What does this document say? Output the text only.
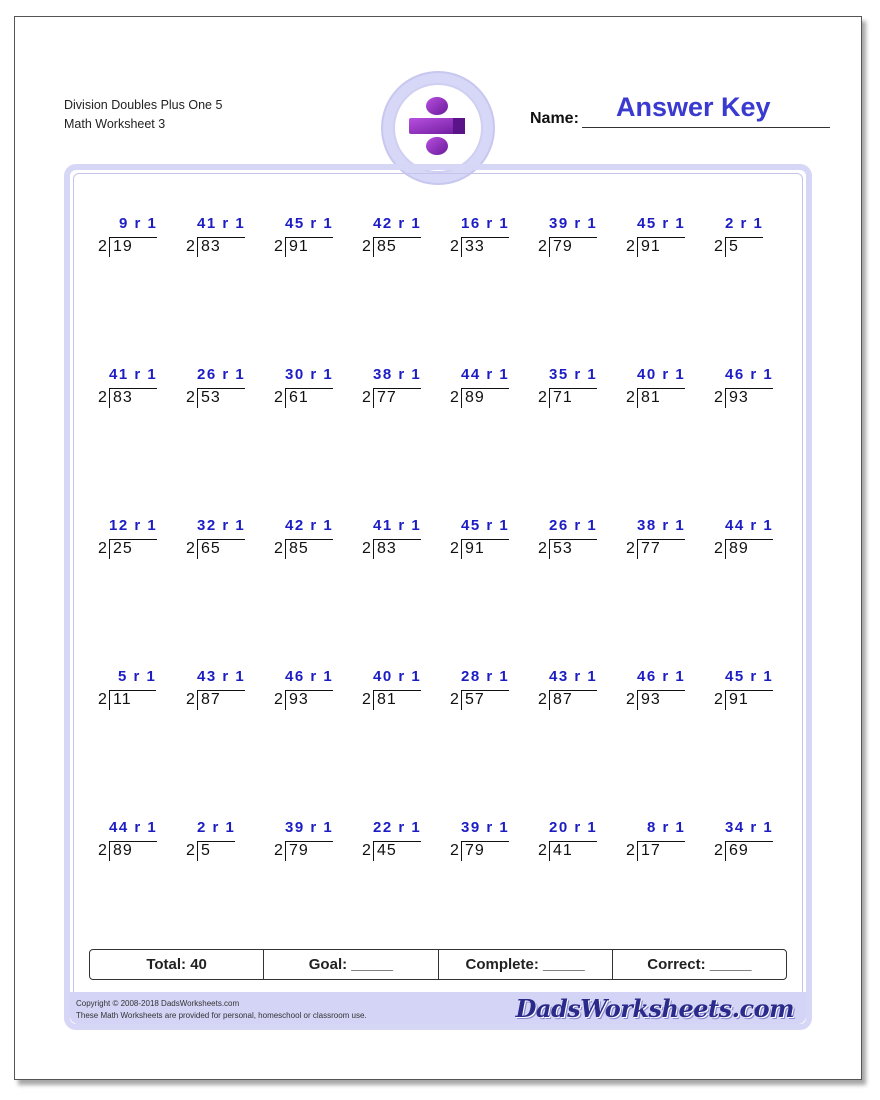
Division Doubles Plus One 5
Math Worksheet 3	Name: Answer Key
9 r 1
2 19
41 r 1
2 83
45 r 1
2 91
42 r 1
2 85
16 r 1
2 33
39 r 1
2 79
45 r 1
2 91
2 r 1
2 5
41 r 1
2 83
26 r 1
2 53
30 r 1
2 61
38 r 1
2 77
44 r 1
2 89
35 r 1
2 71
40 r 1
2 81
46 r 1
2 93
12 r 1
2 25
32 r 1
2 65
42 r 1
2 85
41 r 1
2 83
45 r 1
2 91
26 r 1
2 53
38 r 1
2 77
44 r 1
2 89
5 r 1
2 11
43 r 1
2 87
46 r 1
2 93
40 r 1
2 81
28 r 1
2 57
43 r 1
2 87
46 r 1
2 93
45 r 1
2 91
44 r 1
2 89
2 r 1
2 5
39 r 1
2 79
22 r 1
2 45
39 r 1
2 79
20 r 1
2 41
8 r 1
2 17
34 r 1
2 69
Total: 40	Goal: _____	Complete: _____	Correct: _____
Copyright © 2008-2018 DadsWorksheets.com
These Math Worksheets are provided for personal, homeschool or classroom use.	DadsWorksheets.com
